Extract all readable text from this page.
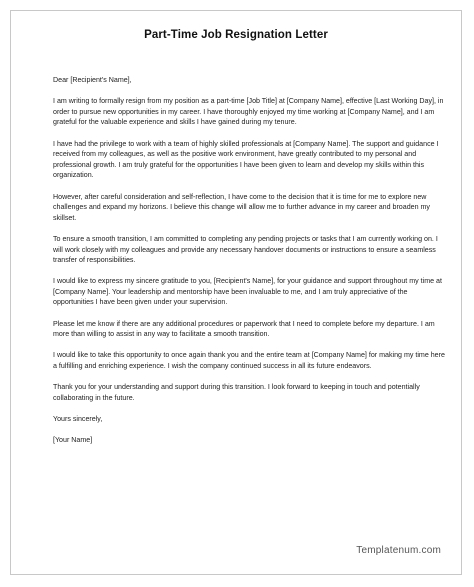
Part-Time Job Resignation Letter

Dear [Recipient's Name],

I am writing to formally resign from my position as a part-time [Job Title] at [Company Name], effective [Last Working Day], in order to pursue new opportunities in my career. I have thoroughly enjoyed my time working at [Company Name], and I am grateful for the valuable experience and skills I have gained during my tenure.

I have had the privilege to work with a team of highly skilled professionals at [Company Name]. The support and guidance I received from my colleagues, as well as the positive work environment, have greatly contributed to my personal and professional growth. I am truly grateful for the opportunities I have been given to learn and develop my skills within this organization.

However, after careful consideration and self-reflection, I have come to the decision that it is time for me to explore new challenges and expand my horizons. I believe this change will allow me to further advance in my career and broaden my skillset.

To ensure a smooth transition, I am committed to completing any pending projects or tasks that I am currently working on. I will work closely with my colleagues and provide any necessary handover documents or instructions to ensure a seamless transfer of responsibilities.

I would like to express my sincere gratitude to you, [Recipient's Name], for your guidance and support throughout my time at [Company Name]. Your leadership and mentorship have been invaluable to me, and I am truly appreciative of the opportunities I have been given under your supervision.

Please let me know if there are any additional procedures or paperwork that I need to complete before my departure. I am more than willing to assist in any way to facilitate a smooth transition.

I would like to take this opportunity to once again thank you and the entire team at [Company Name] for making my time here a fulfilling and enriching experience. I wish the company continued success in all its future endeavors.

Thank you for your understanding and support during this transition. I look forward to keeping in touch and potentially collaborating in the future.

Yours sincerely,

[Your Name]

Templatenum.com
